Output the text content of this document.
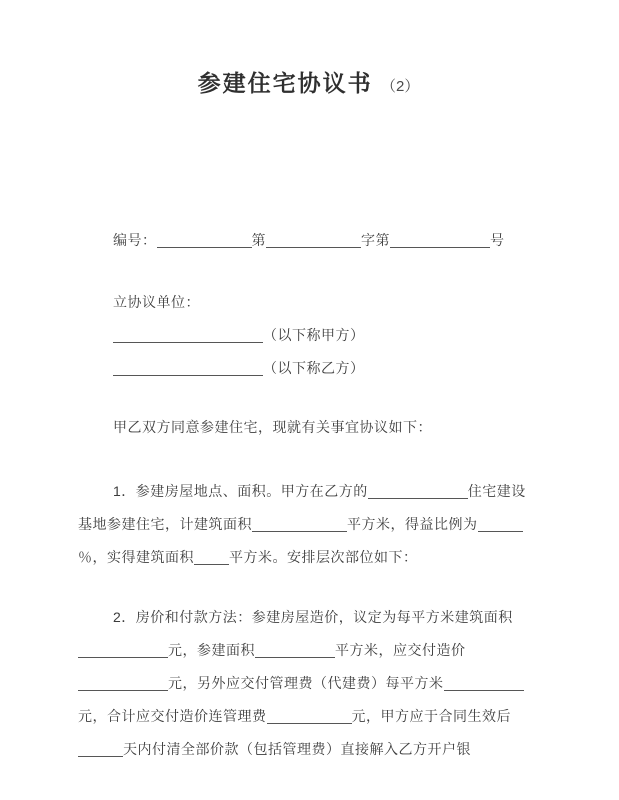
参建住宅协议书 （2）

编号：	第	字第	号

立协议单位：

（以下称甲方）

（以下称乙方）

甲乙双方同意参建住宅，现就有关事宜协议如下：

1．参建房屋地点、面积。甲方在乙方的	住宅建设基地参建住宅，计建筑面积	平方米，得益比例为％，实得建筑面积	平方米。安排层次部位如下：

2．房价和付款方法：参建房屋造价，议定为每平方米建筑面积元，参建面积	平方米，应交付造价元，另外应交付管理费（代建费）每平方米元，合计应交付造价连管理费	元，甲方应于合同生效后天内付清全部价款（包括管理费）直接解入乙方开户银
